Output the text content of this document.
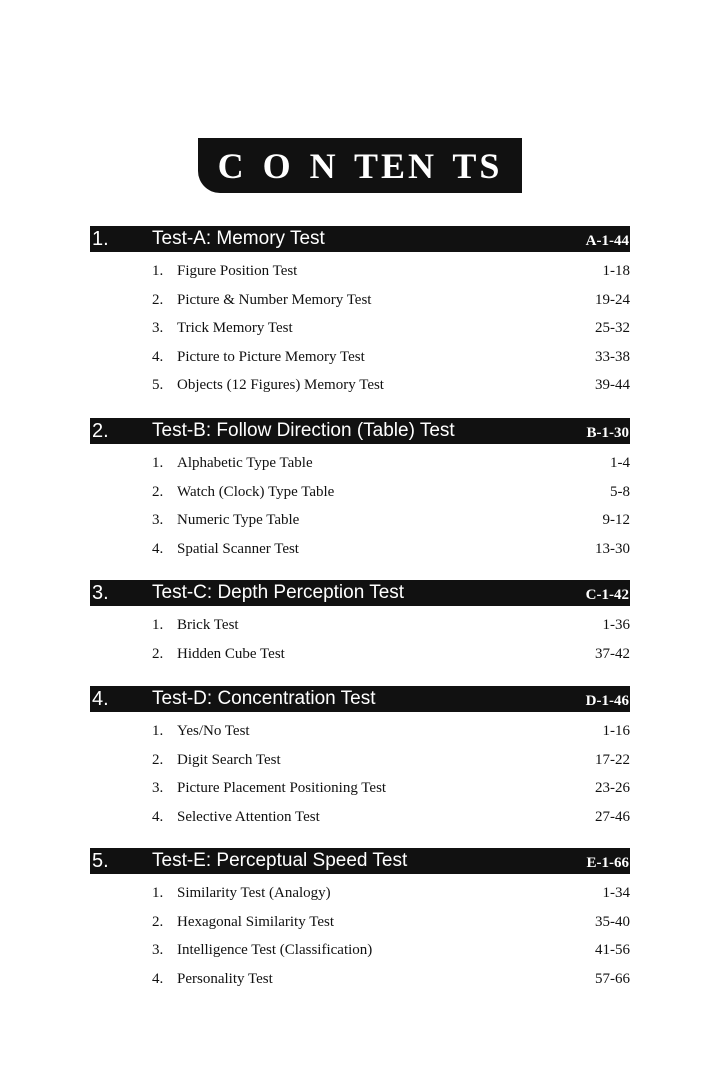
C O N TEN TS
1. Test-A: Memory Test	A-1-44
1. Figure Position Test	1-18
2. Picture & Number Memory Test	19-24
3. Trick Memory Test	25-32
4. Picture to Picture Memory Test	33-38
5. Objects (12 Figures) Memory Test	39-44
2. Test-B: Follow Direction (Table) Test	B-1-30
1. Alphabetic Type Table	1-4
2. Watch (Clock) Type Table	5-8
3. Numeric Type Table	9-12
4. Spatial Scanner Test	13-30
3. Test-C: Depth Perception Test	C-1-42
1. Brick Test	1-36
2. Hidden Cube Test	37-42
4. Test-D: Concentration Test	D-1-46
1. Yes/No Test	1-16
2. Digit Search Test	17-22
3. Picture Placement Positioning Test	23-26
4. Selective Attention Test	27-46
5. Test-E: Perceptual Speed Test	E-1-66
1. Similarity Test (Analogy)	1-34
2. Hexagonal Similarity Test	35-40
3. Intelligence Test (Classification)	41-56
4. Personality Test	57-66
